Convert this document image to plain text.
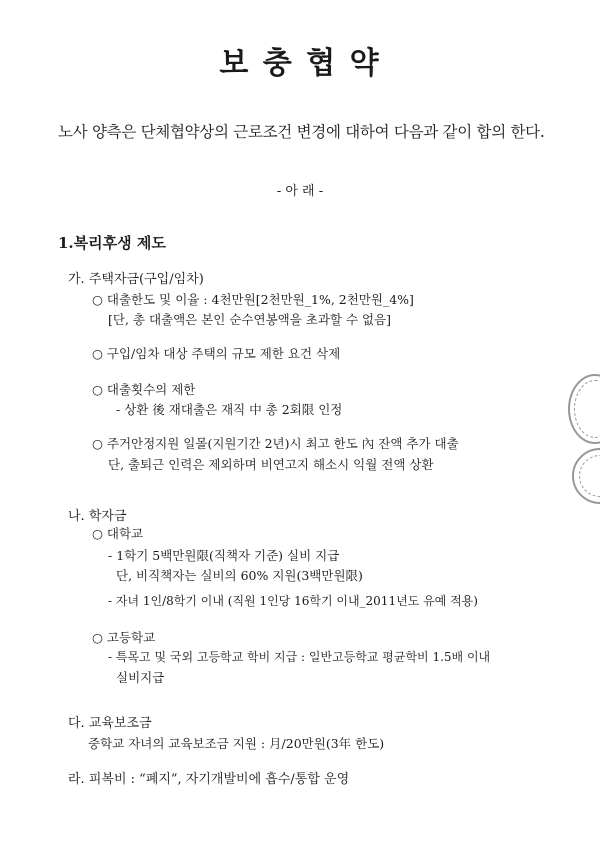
보 충 협 약
노사 양측은 단체협약상의 근로조건 변경에 대하여 다음과 같이 합의 한다.
- 아 래 -
1.복리후생 제도
가. 주택자금(구입/임차)
○ 대출한도 및 이율 : 4천만원[2천만원_1%, 2천만원_4%]
[단, 총 대출액은 본인 순수연봉액을 초과할 수 없음]
○ 구입/임차 대상 주택의 규모 제한 요건 삭제
○ 대출횟수의 제한
- 상환 後 재대출은 재직 中 총 2회限 인정
○ 주거안정지원 일몰(지원기간 2년)시 최고 한도 內 잔액 추가 대출
단, 출퇴근 인력은 제외하며 비연고지 해소시 익월 전액 상환
나. 학자금
○ 대학교
- 1학기 5백만원限(직책자 기준) 실비 지급
단, 비직책자는 실비의 60% 지원(3백만원限)
- 자녀 1인/8학기 이내 (직원 1인당 16학기 이내_2011년도 유예 적용)
○ 고등학교
- 특목고 및 국외 고등학교 학비 지급 : 일반고등학교 평균학비 1.5배 이내
실비지급
다. 교육보조금
중학교 자녀의 교육보조금 지원 : 月/20만원(3年 한도)
라. 피복비 : “폐지”, 자기개발비에 흡수/통합 운영
